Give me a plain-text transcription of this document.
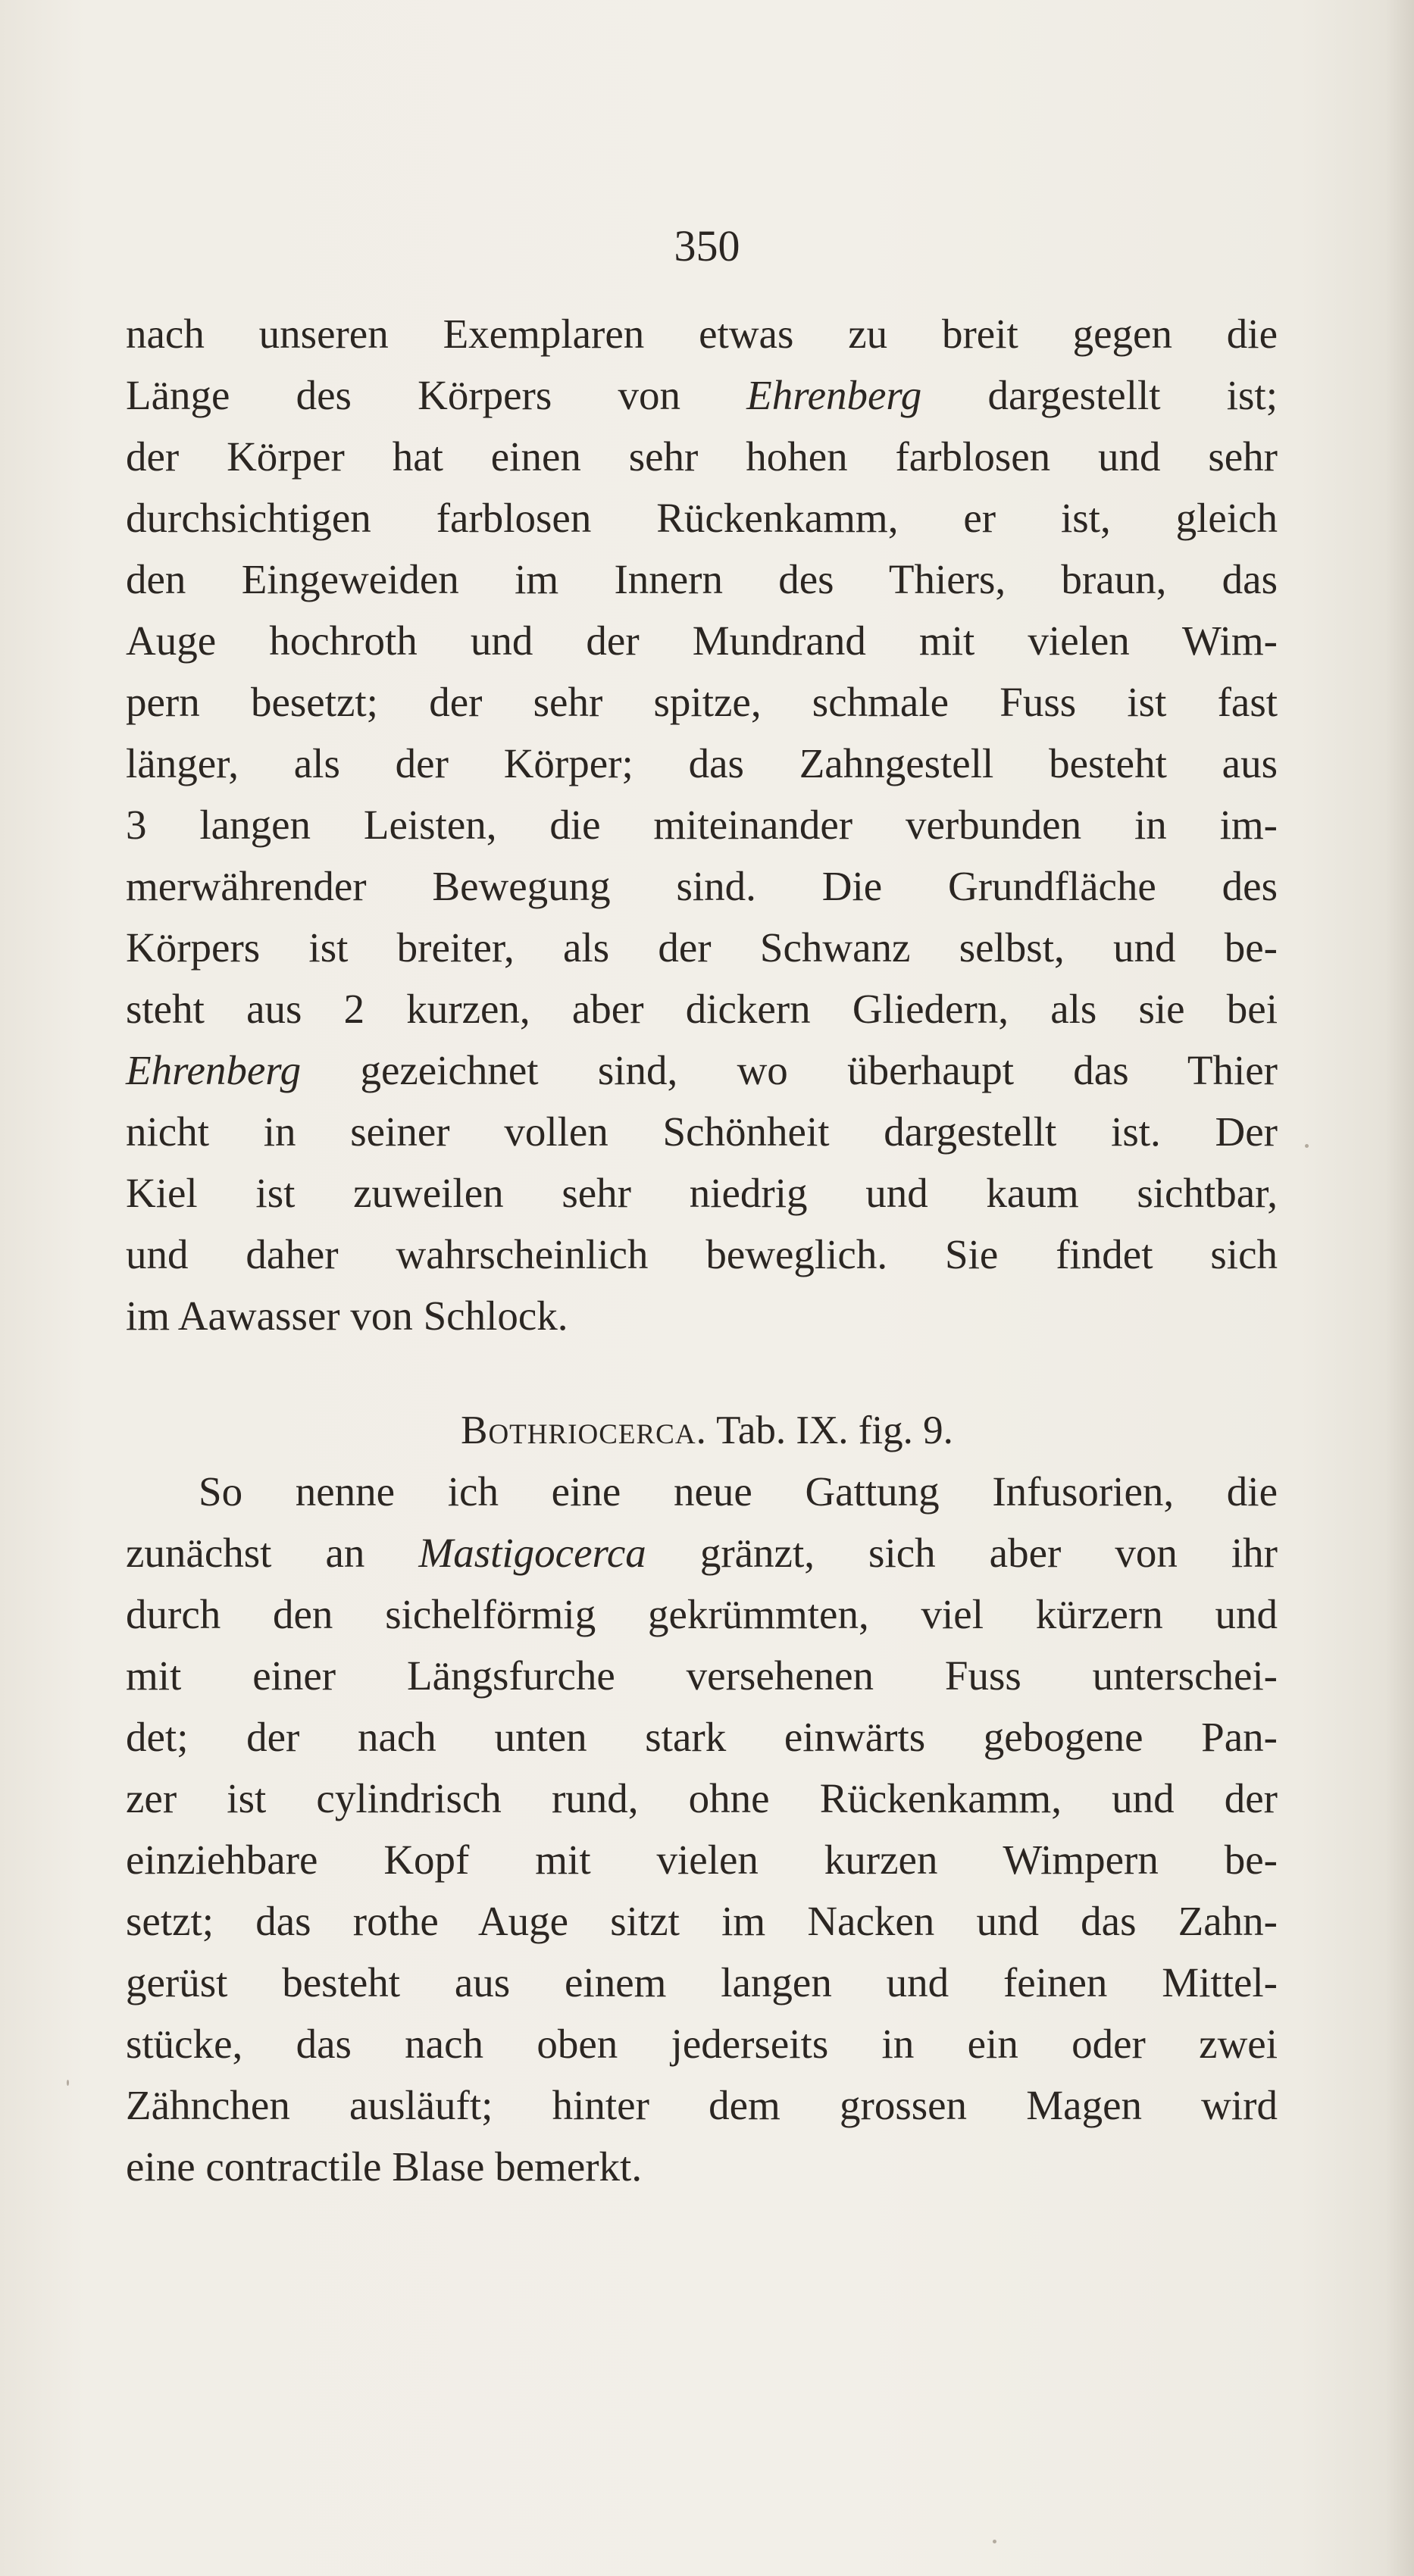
350
nach unseren Exemplaren etwas zu breit gegen die
Länge des Körpers von Ehrenberg dargestellt ist;
der Körper hat einen sehr hohen farblosen und sehr
durchsichtigen farblosen Rückenkamm, er ist, gleich
den Eingeweiden im Innern des Thiers, braun, das
Auge hochroth und der Mundrand mit vielen Wim-
pern besetzt; der sehr spitze, schmale Fuss ist fast
länger, als der Körper; das Zahngestell besteht aus
3 langen Leisten, die miteinander verbunden in im-
merwährender Bewegung sind. Die Grundfläche des
Körpers ist breiter, als der Schwanz selbst, und be-
steht aus 2 kurzen, aber dickern Gliedern, als sie bei
Ehrenberg gezeichnet sind, wo überhaupt das Thier
nicht in seiner vollen Schönheit dargestellt ist. Der
Kiel ist zuweilen sehr niedrig und kaum sichtbar,
und daher wahrscheinlich beweglich. Sie findet sich
im Aawasser von Schlock.
Bothriocerca. Tab. IX. fig. 9.
So nenne ich eine neue Gattung Infusorien, die
zunächst an Mastigocerca gränzt, sich aber von ihr
durch den sichelförmig gekrümmten, viel kürzern und
mit einer Längsfurche versehenen Fuss unterschei-
det; der nach unten stark einwärts gebogene Pan-
zer ist cylindrisch rund, ohne Rückenkamm, und der
einziehbare Kopf mit vielen kurzen Wimpern be-
setzt; das rothe Auge sitzt im Nacken und das Zahn-
gerüst besteht aus einem langen und feinen Mittel-
stücke, das nach oben jederseits in ein oder zwei
Zähnchen ausläuft; hinter dem grossen Magen wird
eine contractile Blase bemerkt.
